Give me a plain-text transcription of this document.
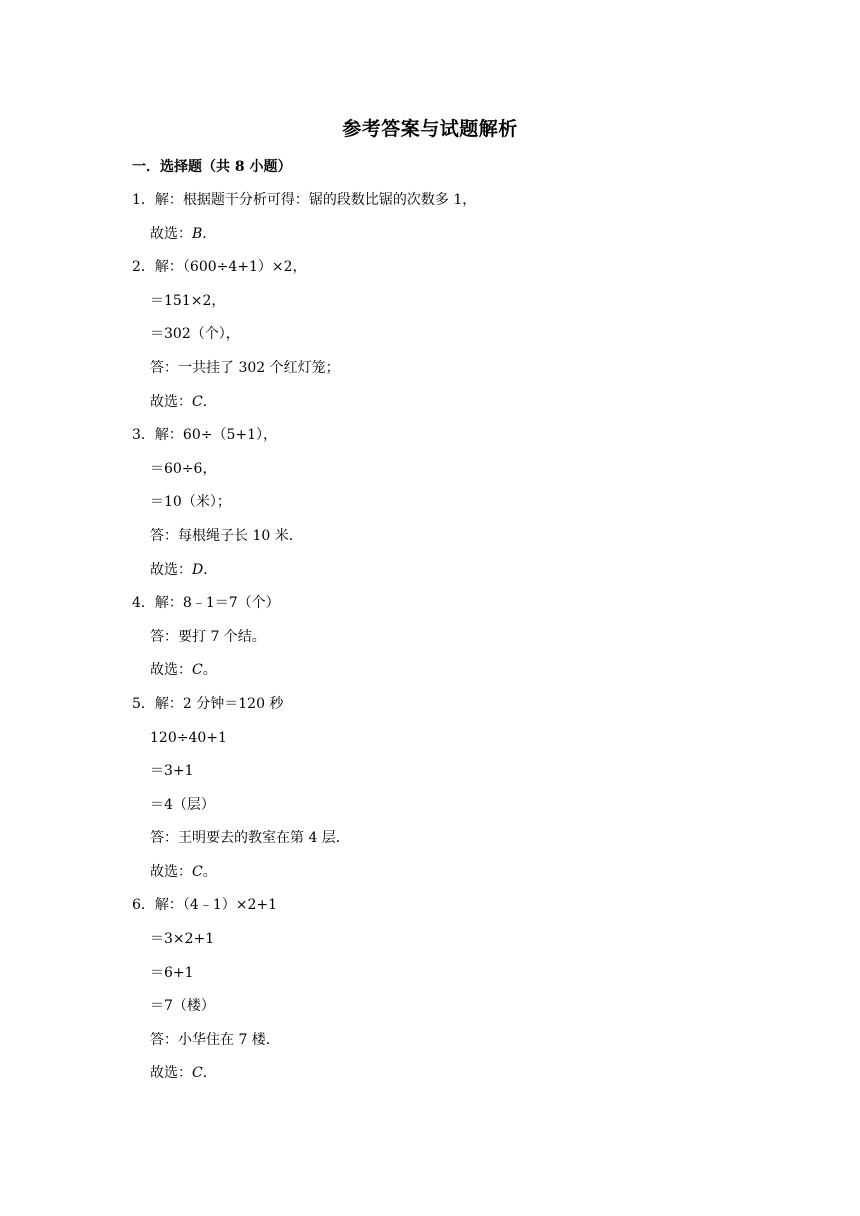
参考答案与试题解析
一．选择题（共 8 小题）
1．解：根据题干分析可得：锯的段数比锯的次数多 1，
故选：B．
2．解：（600÷4+1）×2，
＝151×2，
＝302（个），
答：一共挂了 302 个红灯笼；
故选：C．
3．解：60÷（5+1），
＝60÷6，
＝10（米）；
答：每根绳子长 10 米．
故选：D．
4．解：8﹣1＝7（个）
答：要打 7 个结。
故选：C。
5．解：2 分钟＝120 秒
120÷40+1
＝3+1
＝4（层）
答：王明要去的教室在第 4 层．
故选：C。
6．解：（4﹣1）×2+1
＝3×2+1
＝6+1
＝7（楼）
答：小华住在 7 楼．
故选：C．
